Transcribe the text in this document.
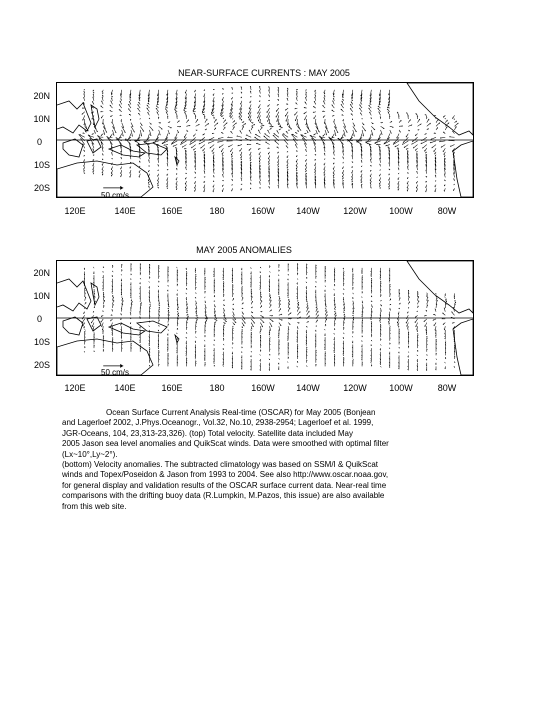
NEAR-SURFACE CURRENTS : MAY 2005
20N
10N
0
10S
20S
50 cm/s
120E	140E	160E	180	160W	140W	120W	100W	80W
MAY 2005 ANOMALIES
20N
10N
0
10S
20S
50 cm/s
120E	140E	160E	180	160W	140W	120W	100W	80W

Ocean Surface Current Analysis Real-time (OSCAR) for May 2005 (Bonjean

and Lagerloef 2002, J.Phys.Oceanogr., Vol.32, No.10, 2938-2954; Lagerloef et al. 1999,

JGR-Oceans, 104, 23,313-23,326). (top) Total velocity. Satellite data included May

2005 Jason sea level anomalies and QuikScat winds. Data were smoothed with optimal filter

(Lx~10°,Ly~2°).

(bottom) Velocity anomalies. The subtracted climatology was based on SSM/I & QuikScat

winds and Topex/Poseidon & Jason from 1993 to 2004. See also http://www.oscar.noaa.gov,

for general display and validation results of the OSCAR surface current data. Near-real time

comparisons with the drifting buoy data (R.Lumpkin, M.Pazos, this issue) are also available

from this web site.
